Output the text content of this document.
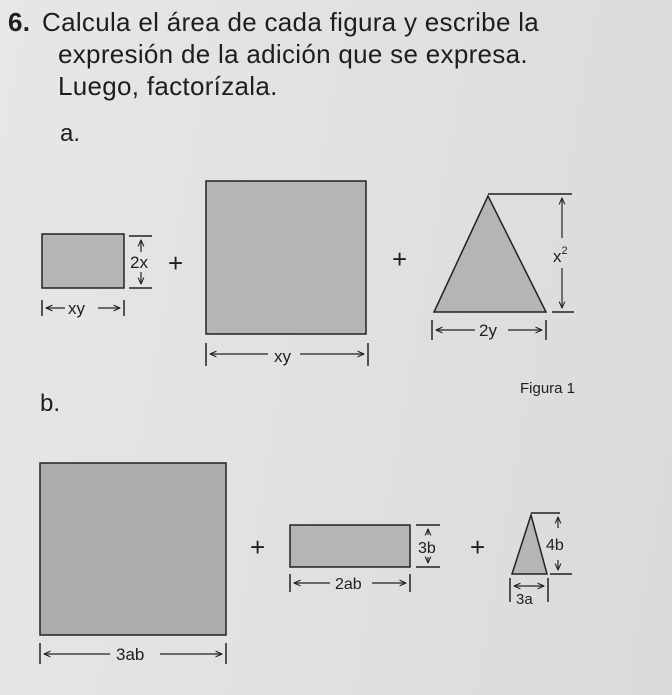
6. Calcula el área de cada figura y escribe la
expresión de la adición que se expresa.
Luego, factorízala.
a.
b.
Figura 1
2x
xy
+
xy
+	$x^2$
2y
3ab
+	3b
2ab
+	4b
3a
